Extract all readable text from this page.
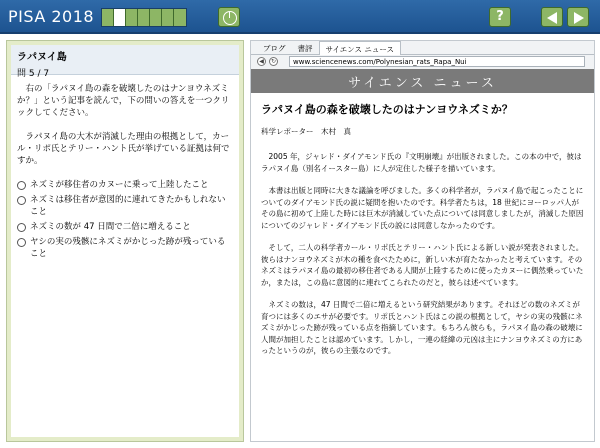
PISA 2018	?
ラパヌイ島
問 5 / 7

右の「ラパヌイ島の森を破壊したのはナンヨウネズミか？」という記事を読んで，下の問いの答えを一つクリックしてください。

ラパヌイ島の大木が消滅した理由の根拠として，カール・リポ氏とテリー・ハント氏が挙げている証拠は何ですか。

ネズミが移住者のカヌーに乗って上陸したこと
ネズミは移住者が意図的に連れてきたかもしれないこと
ネズミの数が 47 日間で二倍に増えること
ヤシの実の残骸にネズミがかじった跡が残っていること
ブログ	書評	サイエンス ニュース
◀	↻	www.sciencenews.com/Polynesian_rats_Rapa_Nui
サイエンス ニュース
ラパヌイ島の森を破壊したのはナンヨウネズミか？
科学レポーター　木村　真

2005 年，ジャレド・ダイアモンド氏の『文明崩壊』が出版されました。この本の中で，彼はラパヌイ島（別名イースター島）に人が定住した様子を描いています。

本書は出版と同時に大きな議論を呼びました。多くの科学者が，ラパヌイ島で起こったことについてのダイアモンド氏の説に疑問を抱いたのです。科学者たちは，18 世紀にヨーロッパ人が その島に初めて上陸した時には巨木が消滅していた点については同意しましたが，消滅した原因についてのジャレド・ダイアモンド氏の説には同意しなかったのです。

そして，二人の科学者カール・リポ氏とテリー・ハント氏による新しい説が発表されました。彼らはナンヨウネズミが木の種を食べたために，新しい木が育たなかったと考えています。そのネズミはラパヌイ島の最初の移住者である人間が上陸するために使ったカヌーに偶然乗っていたか，または，この島に意図的に連れてこられたのだと，彼らは述べています。

ネズミの数は，47 日間で二倍に増えるという研究結果があります。それほどの数のネズミが育つには多くのエサが必要です。リポ氏とハント氏はこの説の根拠として，ヤシの実の残骸にネズミがかじった跡が残っている点を指摘しています。もちろん彼らも，ラパヌイ島の森の破壊に人間が加担したことは認めています。しかし，一連の経緯の元凶は主にナンヨウネズミの方にあったというのが，彼らの主張なのです。
